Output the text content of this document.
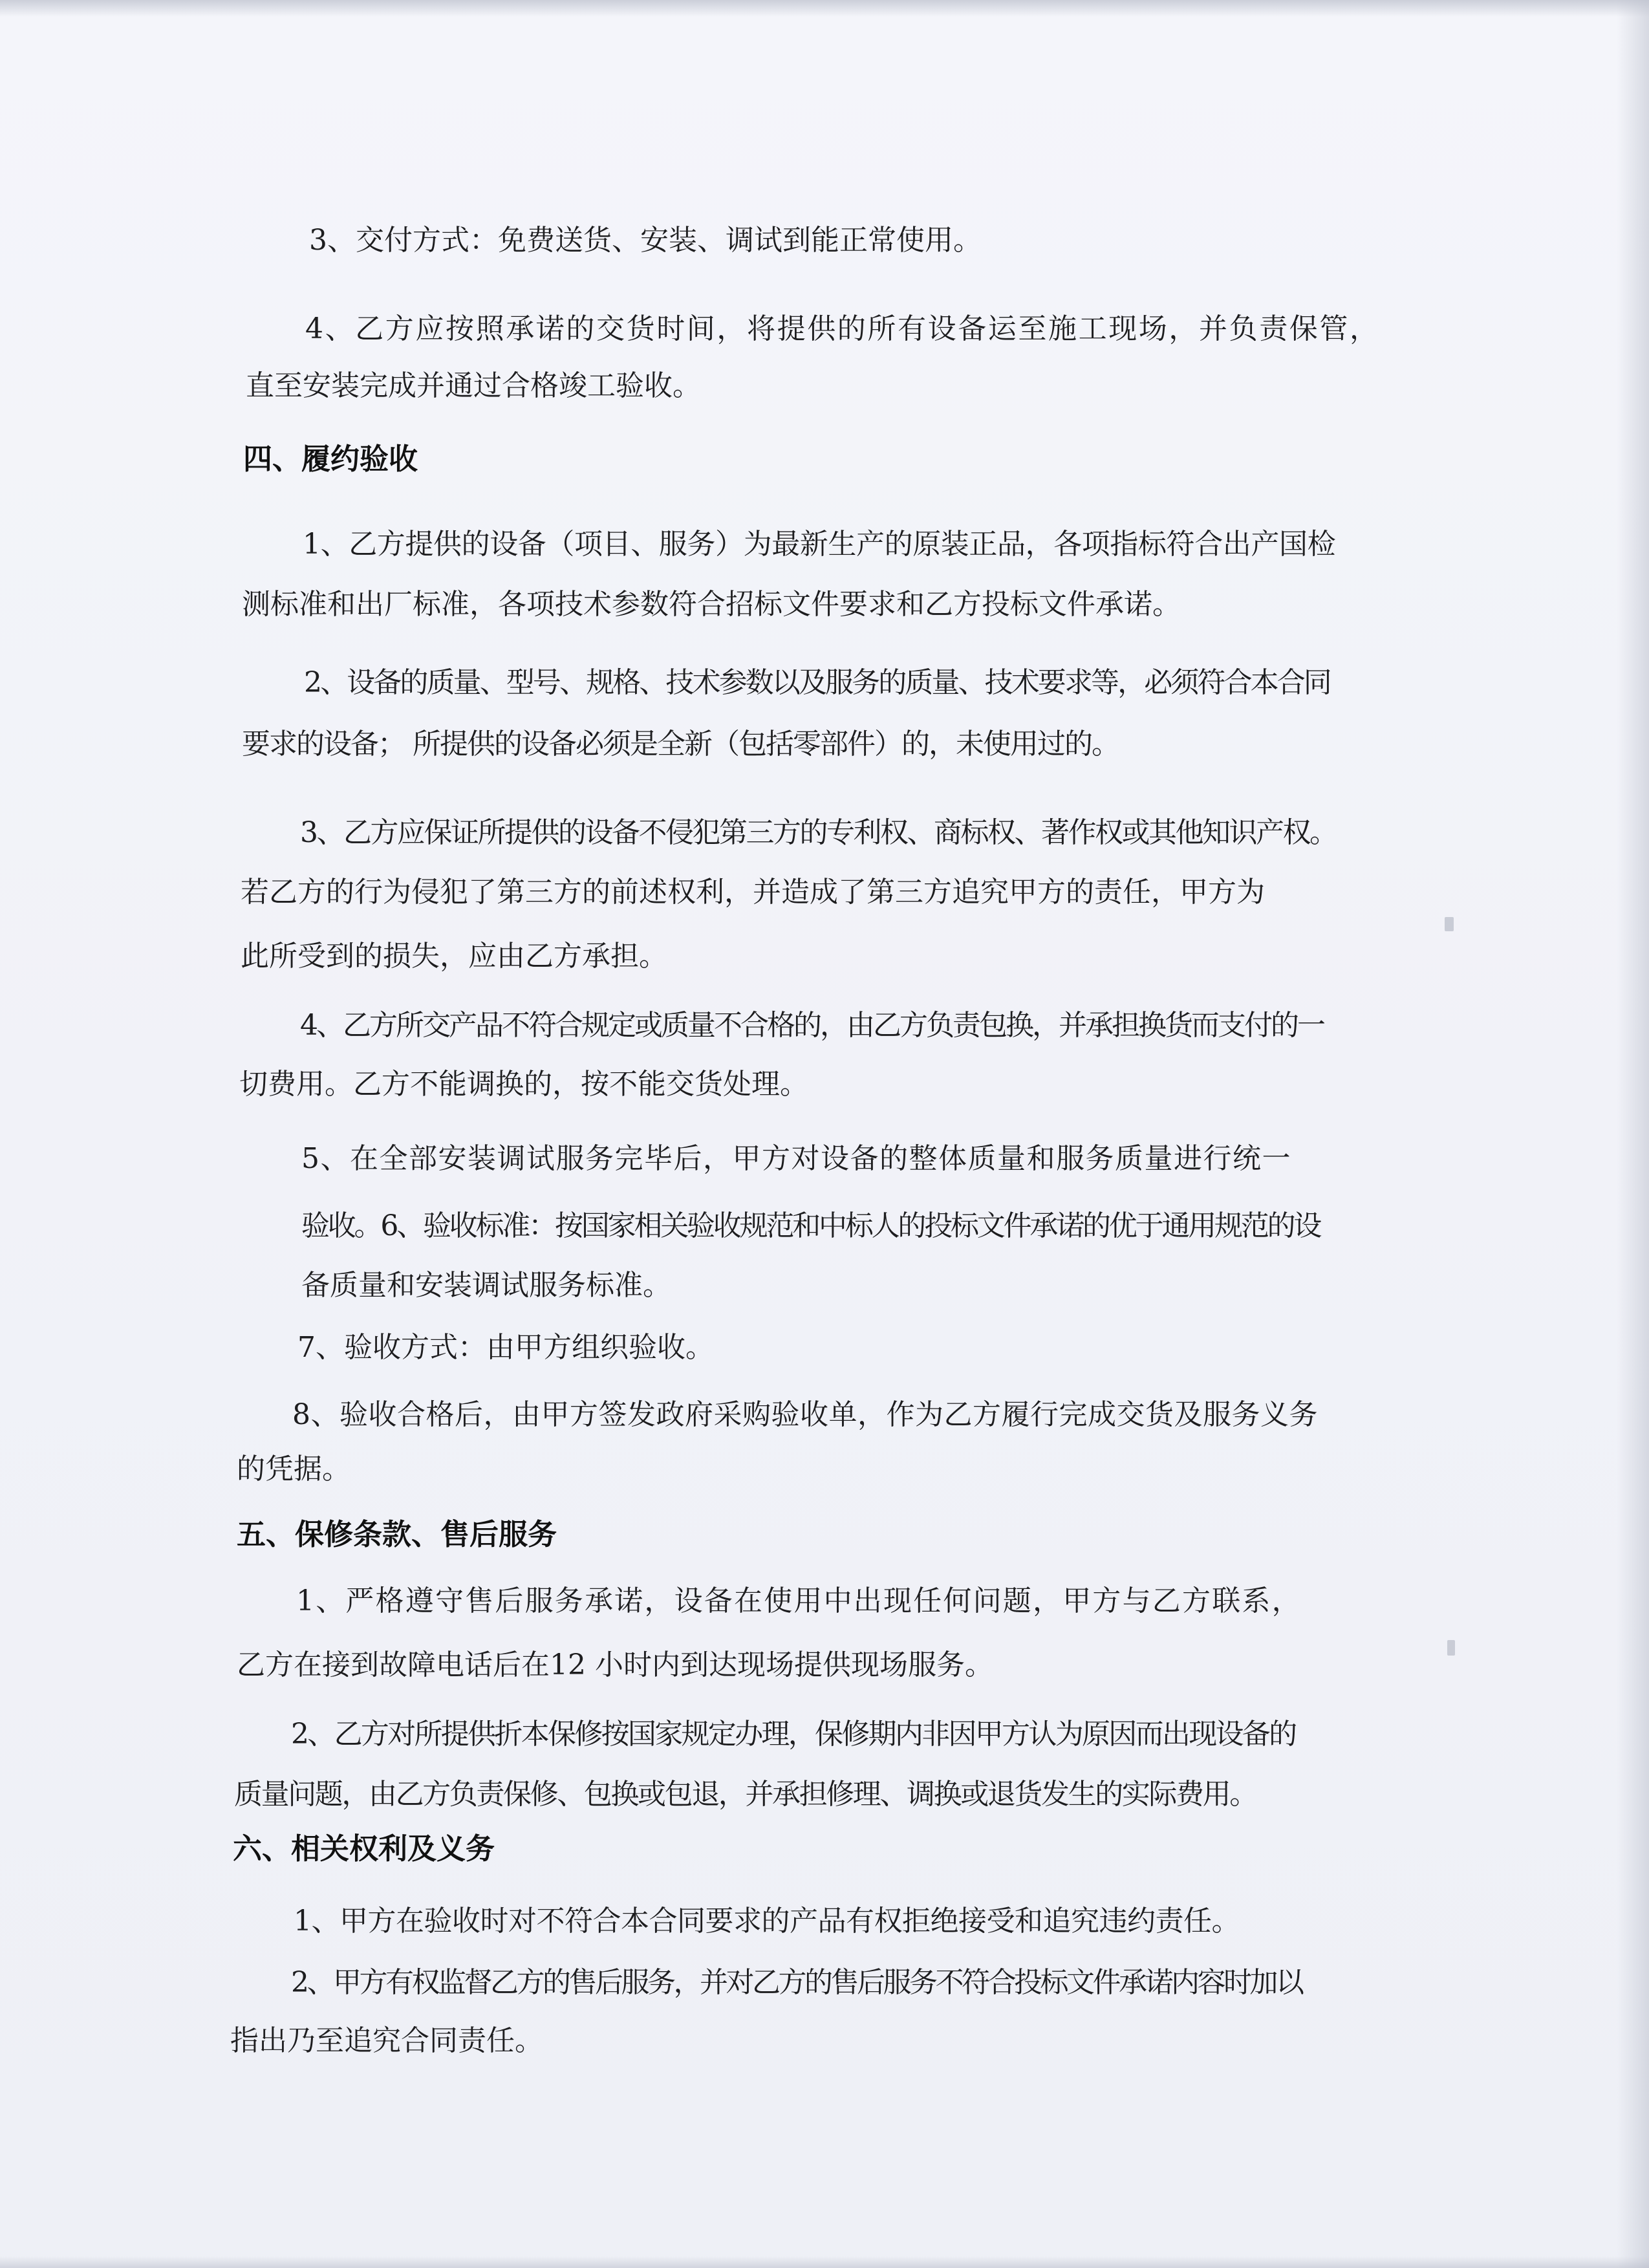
3、交付方式：免费送货、安装、调试到能正常使用。

4、乙方应按照承诺的交货时间，将提供的所有设备运至施工现场，并负责保管，

直至安装完成并通过合格竣工验收。

四、履约验收

1、乙方提供的设备（项目、服务）为最新生产的原装正品，各项指标符合出产国检

测标准和出厂标准，各项技术参数符合招标文件要求和乙方投标文件承诺。

2、设备的质量、型号、规格、技术参数以及服务的质量、技术要求等，必须符合本合同

要求的设备； 所提供的设备必须是全新（包括零部件）的，未使用过的。

3、乙方应保证所提供的设备不侵犯第三方的专利权、商标权、著作权或其他知识产权。

若乙方的行为侵犯了第三方的前述权利，并造成了第三方追究甲方的责任，甲方为

此所受到的损失，应由乙方承担。

4、乙方所交产品不符合规定或质量不合格的，由乙方负责包换，并承担换货而支付的一

切费用。乙方不能调换的，按不能交货处理。

5、在全部安装调试服务完毕后，甲方对设备的整体质量和服务质量进行统一

验收。6、验收标准：按国家相关验收规范和中标人的投标文件承诺的优于通用规范的设

备质量和安装调试服务标准。

7、验收方式：由甲方组织验收。

8、验收合格后，由甲方签发政府采购验收单，作为乙方履行完成交货及服务义务

的凭据。

五、保修条款、售后服务

1、严格遵守售后服务承诺，设备在使用中出现任何问题，甲方与乙方联系，

乙方在接到故障电话后在12 小时内到达现场提供现场服务。

2、乙方对所提供折本保修按国家规定办理，保修期内非因甲方认为原因而出现设备的

质量问题，由乙方负责保修、包换或包退，并承担修理、调换或退货发生的实际费用。

六、相关权利及义务

1、甲方在验收时对不符合本合同要求的产品有权拒绝接受和追究违约责任。

2、甲方有权监督乙方的售后服务，并对乙方的售后服务不符合投标文件承诺内容时加以

指出乃至追究合同责任。
